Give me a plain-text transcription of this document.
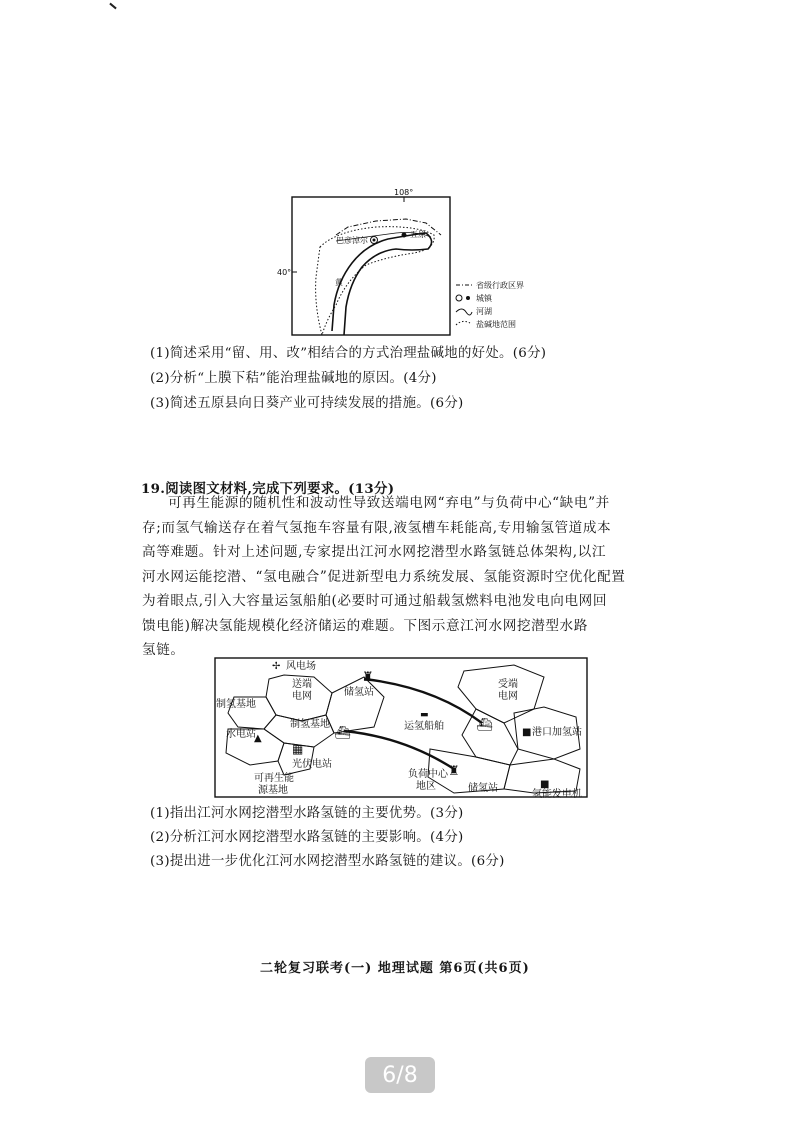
108°
40°
巴彦淖尔
五原
黄	省级行政区界
城镇
河湖
盐碱地范围
(1)简述采用“留、用、改”相结合的方式治理盐碱地的好处。(6分)
(2)分析“上膜下秸”能治理盐碱地的原因。(4分)
(3)简述五原县向日葵产业可持续发展的措施。(6分)
19.阅读图文材料,完成下列要求。(13分)
可再生能源的随机性和波动性导致送端电网“弃电”与负荷中心“缺电”并
存;而氢气输送存在着气氢拖车容量有限,液氢槽车耗能高,专用输氢管道成本
高等难题。针对上述问题,专家提出江河水网挖潜型水路氢链总体架构,以江
河水网运能挖潜、“氢电融合”促进新型电力系统发展、氢能资源时空优化配置
为着眼点,引入大容量运氢船舶(必要时可通过船载氢燃料电池发电向电网回
馈电能)解决氢能规模化经济储运的难题。下图示意江河水网挖潜型水路
氢链。
✢
♜
⛴
⛴
♜
▲
▦
■
■
▬
风电场
送端
电网	储氢站
制氢基地
制氢基地
水电站
光伏电站
可再生能
源基地
运氢船舶
受端
电网
港口加氢站
负荷中心
地区	储氢站
氢能发电机
(1)指出江河水网挖潜型水路氢链的主要优势。(3分)
(2)分析江河水网挖潜型水路氢链的主要影响。(4分)
(3)提出进一步优化江河水网挖潜型水路氢链的建议。(6分)
二轮复习联考(一) 地理试题 第6页(共6页)
6/8
